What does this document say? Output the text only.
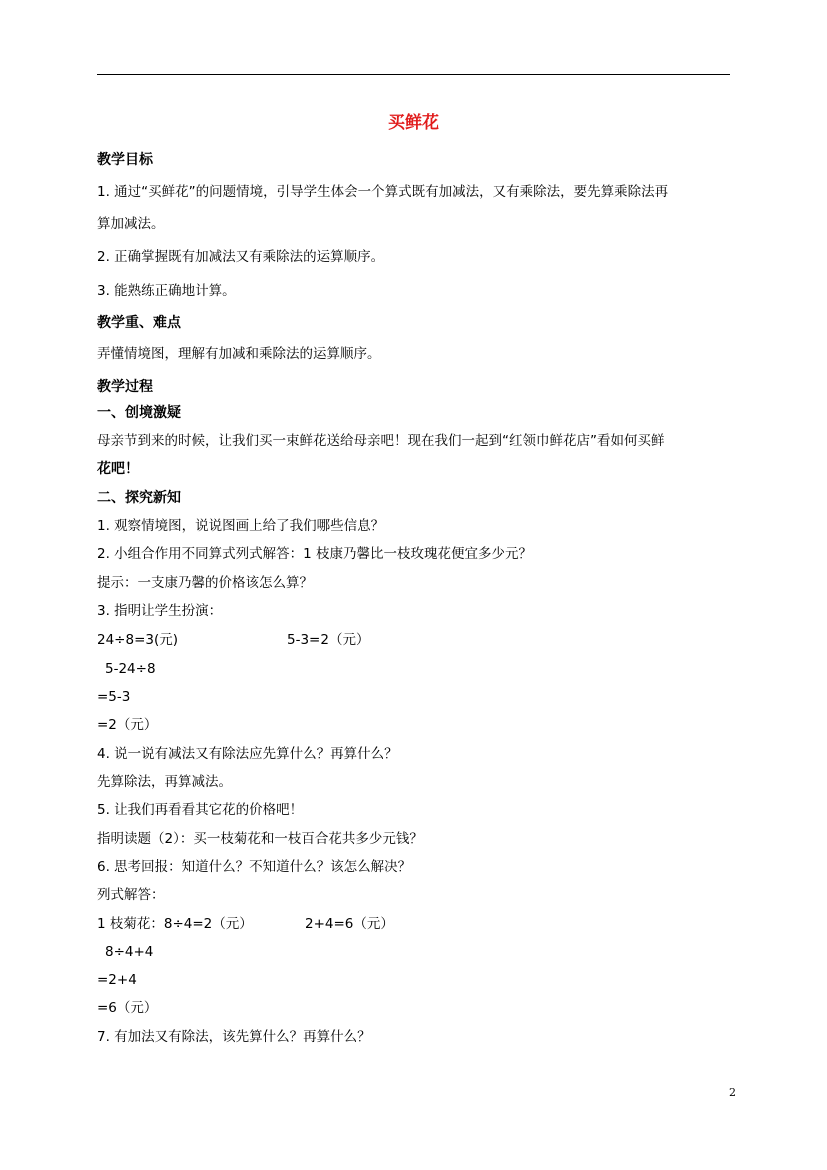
买鲜花
教学目标
1. 通过“买鲜花”的问题情境，引导学生体会一个算式既有加减法，又有乘除法，要先算乘除法再
算加减法。
2. 正确掌握既有加减法又有乘除法的运算顺序。
3. 能熟练正确地计算。
教学重、难点
弄懂情境图，理解有加减和乘除法的运算顺序。
教学过程
一、创境激疑
母亲节到来的时候，让我们买一束鲜花送给母亲吧！现在我们一起到“红领巾鲜花店”看如何买鲜
花吧！
二、探究新知
1. 观察情境图，说说图画上给了我们哪些信息？
2. 小组合作用不同算式列式解答：1 枝康乃馨比一枝玫瑰花便宜多少元？
提示：一支康乃馨的价格该怎么算？
3. 指明让学生扮演：
24÷8=3(元)	5-3=2（元）
5-24÷8
=5-3
=2（元）
4. 说一说有减法又有除法应先算什么？再算什么？
先算除法，再算减法。
5. 让我们再看看其它花的价格吧！
指明读题（2）：买一枝菊花和一枝百合花共多少元钱？
6. 思考回报：知道什么？不知道什么？该怎么解决？
列式解答：
1 枝菊花：8÷4=2（元）	2+4=6（元）
8÷4+4
=2+4
=6（元）
7. 有加法又有除法，该先算什么？再算什么？
2
